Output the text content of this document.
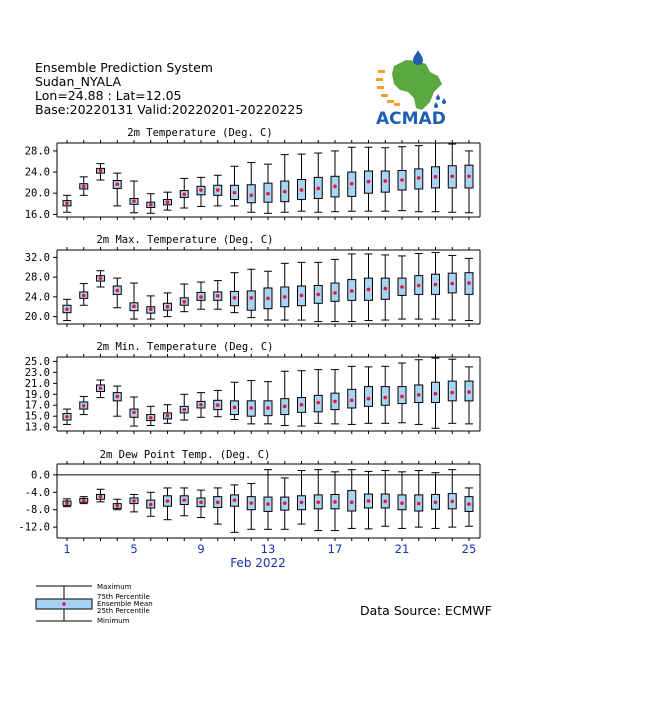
Ensemble Prediction System
Sudan_NYALA
Lon=24.88 : Lat=12.05
Base:20220131 Valid:20220201-20220225	ACMAD
16.0
20.0
24.0
28.0
2m Temperature (Deg. C)
20.0
24.0
28.0
32.0
2m Max. Temperature (Deg. C)
13.0
15.0
17.0
19.0
21.0
23.0
25.0
2m Min. Temperature (Deg. C)
-12.0
-8.0
-4.0
0.0
2m Dew Point Temp. (Deg. C)
1	5	9	13	17	21	25
Feb 2022
Maximum
75th Percentile
Ensemble Mean
25th Percentile
Minimum
Data Source: ECMWF
